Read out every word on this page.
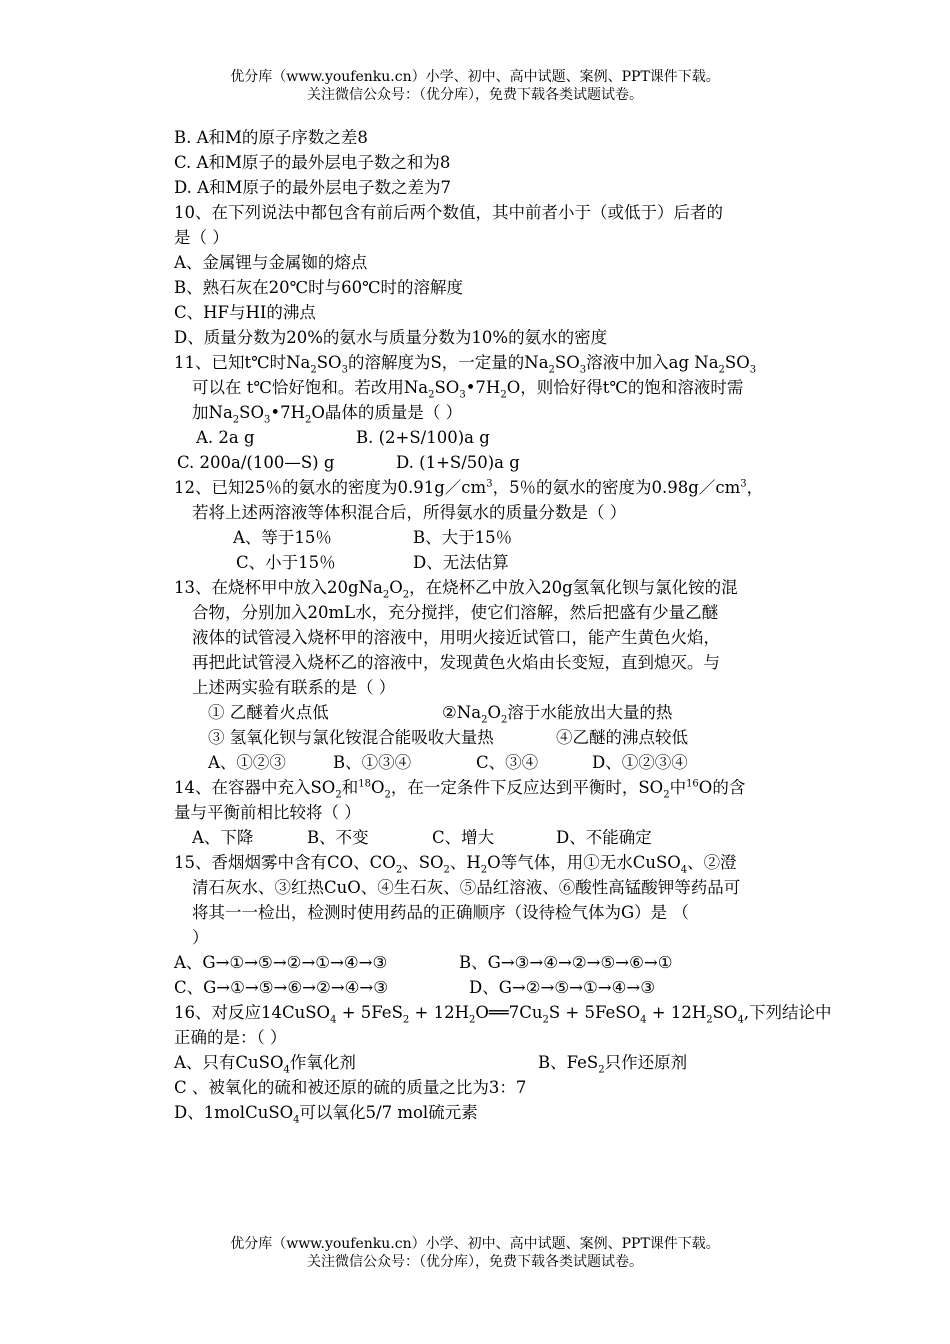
优分库（www.youfenku.cn）小学、初中、高中试题、案例、PPT课件下载。
关注微信公众号：（优分库），免费下载各类试题试卷。
B. A和M的原子序数之差8
C. A和M原子的最外层电子数之和为8
D. A和M原子的最外层电子数之差为7
10、在下列说法中都包含有前后两个数值，其中前者小于（或低于）后者的
是（ ）
A、金属锂与金属铷的熔点
B、熟石灰在20℃时与60℃时的溶解度
C、HF与HI的沸点
D、质量分数为20%的氨水与质量分数为10%的氨水的密度
11、已知t℃时$Na_2SO_3$的溶解度为S，一定量的$Na_2SO_3$溶液中加入ag $Na_2SO_3$
可以在 t℃恰好饱和。若改用$Na_2SO_3•7H_2O$，则恰好得t℃的饱和溶液时需
加$Na_2SO_3•7H_2O$晶体的质量是（ ）
A. 2a g	B. (2+S/100)a g
C. 200a/(100—S) g	D. (1+S/50)a g
12、已知25％的氨水的密度为$0.91g/cm^3$，5％的氨水的密度为$0.98g/cm^3$，
若将上述两溶液等体积混合后，所得氨水的质量分数是（ ）
A、等于15％	B、大于15％
C、小于15％	D、无法估算
13、在烧杯甲中放入$20gNa_2O_2$，在烧杯乙中放入20g氢氧化钡与氯化铵的混
合物，分别加入20mL水，充分搅拌，使它们溶解，然后把盛有少量乙醚
液体的试管浸入烧杯甲的溶液中，用明火接近试管口，能产生黄色火焰，
再把此试管浸入烧杯乙的溶液中，发现黄色火焰由长变短，直到熄灭。与
上述两实验有联系的是（ ）
① 乙醚着火点低	$②Na_2O_2$溶于水能放出大量的热
③ 氢氧化钡与氯化铵混合能吸收大量热	④乙醚的沸点较低
A、①②③	B、①③④	C、③④	D、①②③④
14、在容器中充入$SO_2$和$^{18}O_2$，在一定条件下反应达到平衡时，$SO_2$中$^{16}$O的含
量与平衡前相比较将（ ）
A、下降	B、不变	C、增大	D、不能确定
15、香烟烟雾中含有CO、$CO_2$、$SO_2$、$H_2O$等气体，用①无水CuSO$_4$、②澄
清石灰水、③红热CuO、④生石灰、⑤品红溶液、⑥酸性高锰酸钾等药品可
将其一一检出，检测时使用药品的正确顺序（设待检气体为G）是 （
）
A、G→①→⑤→②→①→④→③	B、G→③→④→②→⑤→⑥→①
C、G→①→⑤→⑥→②→④→③	D、G→②→⑤→①→④→③
16、对反应14CuSO$_4$ + $5FeS_2 + 12H_2O══7Cu_2S$ + 5FeSO$_4$ + $12H_2SO_4$,下列结论中
正确的是：（ ）
A、只有CuSO$_4$作氧化剂	B、FeS$_2$只作还原剂
C 、被氧化的硫和被还原的硫的质量之比为3：7
D、1molCuSO$_4$可以氧化5/7 mol硫元素
优分库（www.youfenku.cn）小学、初中、高中试题、案例、PPT课件下载。
关注微信公众号：（优分库），免费下载各类试题试卷。
